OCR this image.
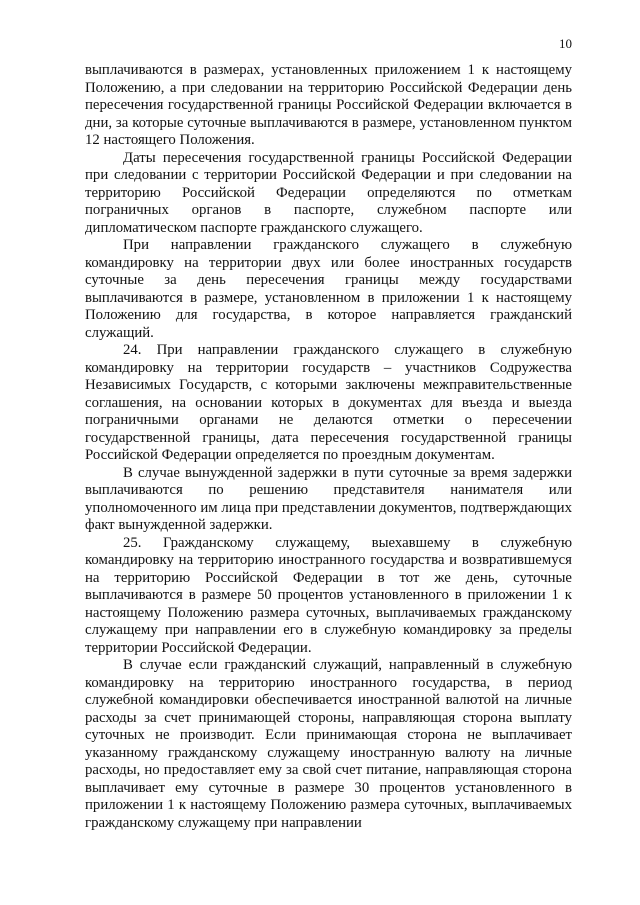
10

выплачиваются в размерах, установленных приложением 1 к настоящему Положению, а при следовании на территорию Российской Федерации день пересечения государственной границы Российской Федерации включается в дни, за которые суточные выплачиваются в размере, установленном пунктом 12 настоящего Положения.

Даты пересечения государственной границы Российской Федерации при следовании с территории Российской Федерации и при следовании на территорию Российской Федерации определяются по отметкам пограничных органов в паспорте, служебном паспорте или дипломатическом паспорте гражданского служащего.

При направлении гражданского служащего в служебную командировку на территории двух или более иностранных государств суточные за день пересечения границы между государствами выплачиваются в размере, установленном в приложении 1 к настоящему Положению для государства, в которое направляется гражданский служащий.

24. При направлении гражданского служащего в служебную командировку на территории государств – участников Содружества Независимых Государств, с которыми заключены межправительственные соглашения, на основании которых в документах для въезда и выезда пограничными органами не делаются отметки о пересечении государственной границы, дата пересечения государственной границы Российской Федерации определяется по проездным документам.

В случае вынужденной задержки в пути суточные за время задержки выплачиваются по решению представителя нанимателя или уполномоченного им лица при представлении документов, подтверждающих факт вынужденной задержки.

25. Гражданскому служащему, выехавшему в служебную командировку на территорию иностранного государства и возвратившемуся на территорию Российской Федерации в тот же день, суточные выплачиваются в размере 50 процентов установленного в приложении 1 к настоящему Положению размера суточных, выплачиваемых гражданскому служащему при направлении его в служебную командировку за пределы территории Российской Федерации.

В случае если гражданский служащий, направленный в служебную командировку на территорию иностранного государства, в период служебной командировки обеспечивается иностранной валютой на личные расходы за счет принимающей стороны, направляющая сторона выплату суточных не производит. Если принимающая сторона не выплачивает указанному гражданскому служащему иностранную валюту на личные расходы, но предоставляет ему за свой счет питание, направляющая сторона выплачивает ему суточные в размере 30 процентов установленного в приложении 1 к настоящему Положению размера суточных, выплачиваемых гражданскому служащему при направлении
